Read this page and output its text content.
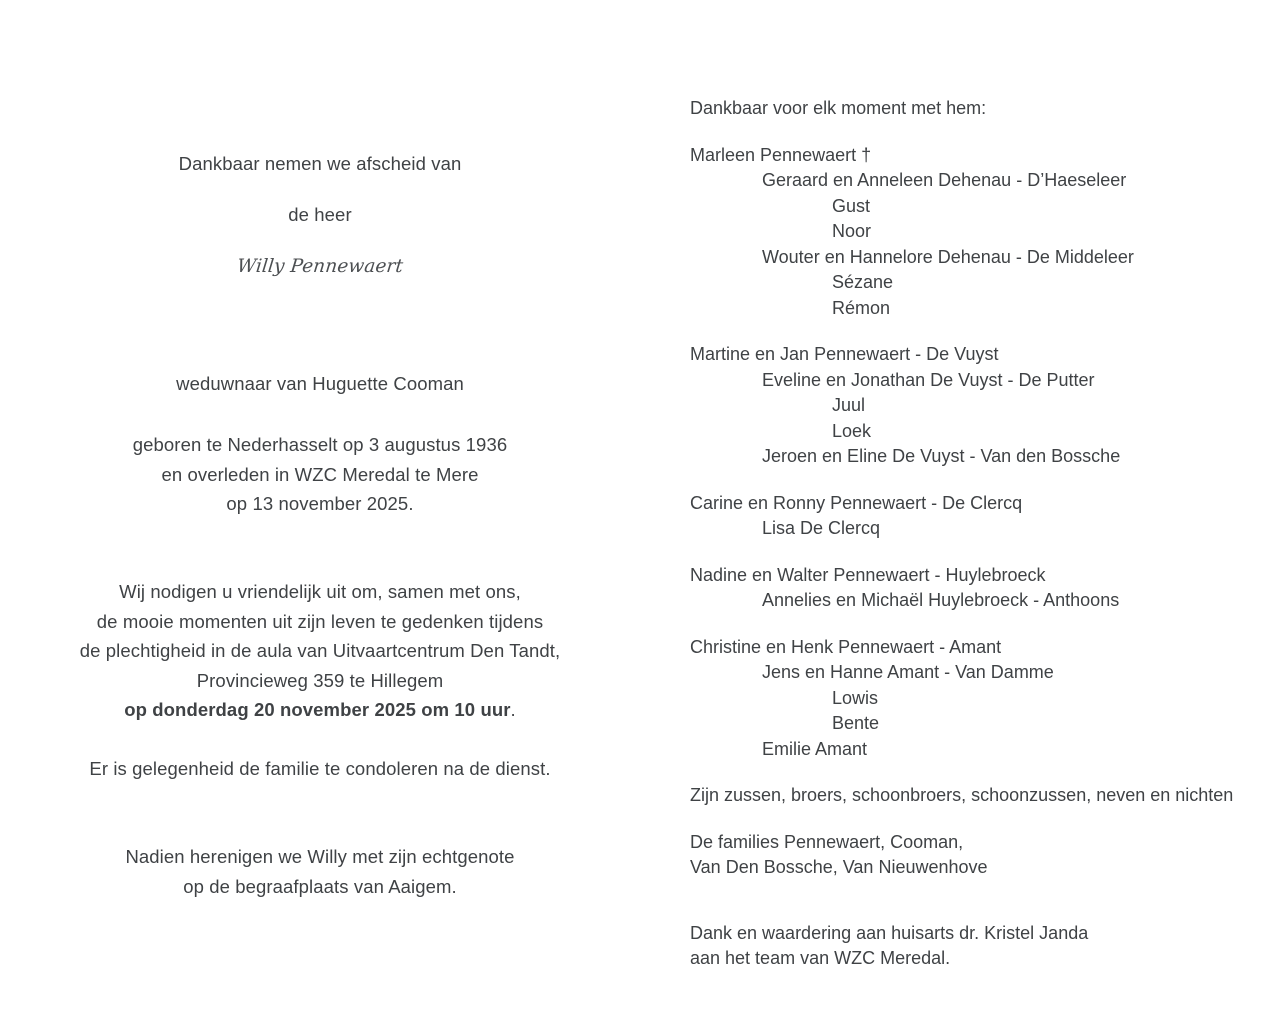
Dankbaar nemen we afscheid van

de heer

Willy Pennewaert

weduwnaar van Huguette Cooman

geboren te Nederhasselt op 3 augustus 1936

en overleden in WZC Meredal te Mere

op 13 november 2025.

Wij nodigen u vriendelijk uit om, samen met ons,

de mooie momenten uit zijn leven te gedenken tijdens

de plechtigheid in de aula van Uitvaartcentrum Den Tandt,

Provincieweg 359 te Hillegem

op donderdag 20 november 2025 om 10 uur.

Er is gelegenheid de familie te condoleren na de dienst.

Nadien herenigen we Willy met zijn echtgenote

op de begraafplaats van Aaigem.

Dankbaar voor elk moment met hem:

Marleen Pennewaert †

Geraard en Anneleen Dehenau - D’Haeseleer

Gust

Noor

Wouter en Hannelore Dehenau - De Middeleer

Sézane

Rémon

Martine en Jan Pennewaert - De Vuyst

Eveline en Jonathan De Vuyst - De Putter

Juul

Loek

Jeroen en Eline De Vuyst - Van den Bossche

Carine en Ronny Pennewaert - De Clercq

Lisa De Clercq

Nadine en Walter Pennewaert - Huylebroeck

Annelies en Michaël Huylebroeck - Anthoons

Christine en Henk Pennewaert - Amant

Jens en Hanne Amant - Van Damme

Lowis

Bente

Emilie Amant

Zijn zussen, broers, schoonbroers, schoonzussen, neven en nichten

De families Pennewaert, Cooman,

Van Den Bossche, Van Nieuwenhove

Dank en waardering aan huisarts dr. Kristel Janda

aan het team van WZC Meredal.
